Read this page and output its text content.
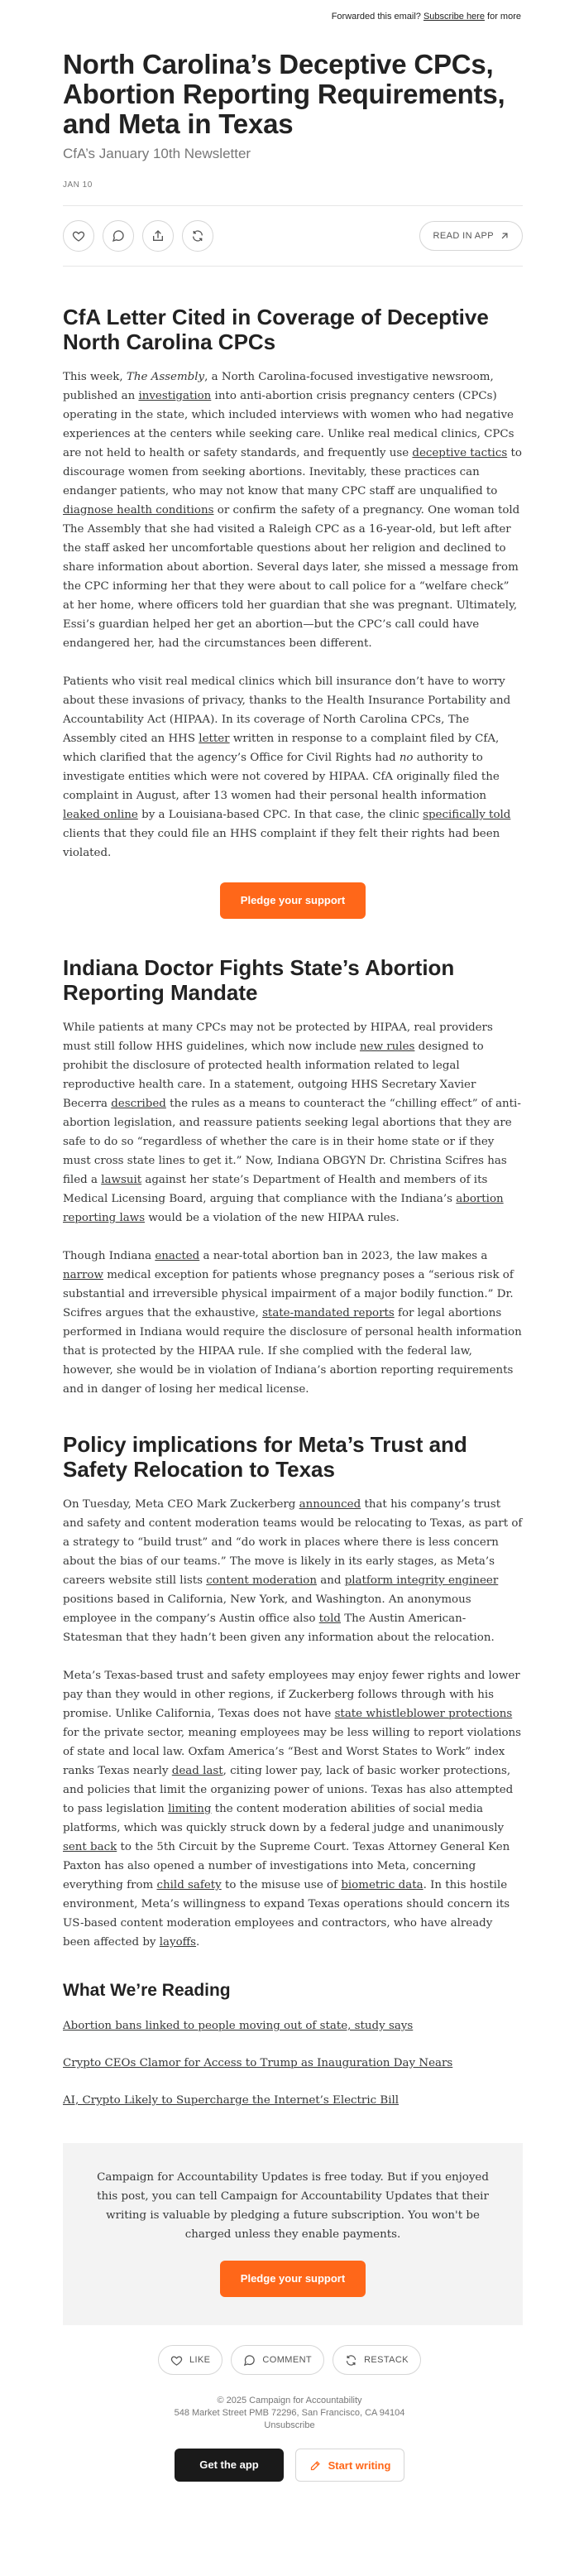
Forwarded this email? Subscribe here for more
North Carolina’s Deceptive CPCs, Abortion Reporting Requirements, and Meta in Texas
CfA’s January 10th Newsletter
JAN 10
READ IN APP
CfA Letter Cited in Coverage of Deceptive North Carolina CPCs

This week, The Assembly, a North Carolina-focused investigative newsroom, published an investigation into anti-abortion crisis pregnancy centers (CPCs) operating in the state, which included interviews with women who had negative experiences at the centers while seeking care. Unlike real medical clinics, CPCs are not held to health or safety standards, and frequently use deceptive tactics to discourage women from seeking abortions. Inevitably, these practices can endanger patients, who may not know that many CPC staff are unqualified to diagnose health conditions or confirm the safety of a pregnancy. One woman told The Assembly that she had visited a Raleigh CPC as a 16-year-old, but left after the staff asked her uncomfortable questions about her religion and declined to share information about abortion. Several days later, she missed a message from the CPC informing her that they were about to call police for a “welfare check” at her home, where officers told her guardian that she was pregnant. Ultimately, Essi’s guardian helped her get an abortion—but the CPC’s call could have endangered her, had the circumstances been different.

Patients who visit real medical clinics which bill insurance don’t have to worry about these invasions of privacy, thanks to the Health Insurance Portability and Accountability Act (HIPAA). In its coverage of North Carolina CPCs, The Assembly cited an HHS letter written in response to a complaint filed by CfA, which clarified that the agency’s Office for Civil Rights had no authority to investigate entities which were not covered by HIPAA. CfA originally filed the complaint in August, after 13 women had their personal health information leaked online by a Louisiana-based CPC. In that case, the clinic specifically told clients that they could file an HHS complaint if they felt their rights had been violated.

Pledge your support
Indiana Doctor Fights State’s Abortion Reporting Mandate

While patients at many CPCs may not be protected by HIPAA, real providers must still follow HHS guidelines, which now include new rules designed to prohibit the disclosure of protected health information related to legal reproductive health care. In a statement, outgoing HHS Secretary Xavier Becerra described the rules as a means to counteract the “chilling effect” of anti-abortion legislation, and reassure patients seeking legal abortions that they are safe to do so “regardless of whether the care is in their home state or if they must cross state lines to get it.” Now, Indiana OBGYN Dr. Christina Scifres has filed a lawsuit against her state’s Department of Health and members of its Medical Licensing Board, arguing that compliance with the Indiana’s abortion reporting laws would be a violation of the new HIPAA rules.

Though Indiana enacted a near-total abortion ban in 2023, the law makes a narrow medical exception for patients whose pregnancy poses a “serious risk of substantial and irreversible physical impairment of a major bodily function.” Dr. Scifres argues that the exhaustive, state-mandated reports for legal abortions performed in Indiana would require the disclosure of personal health information that is protected by the HIPAA rule. If she complied with the federal law, however, she would be in violation of Indiana’s abortion reporting requirements and in danger of losing her medical license.

Policy implications for Meta’s Trust and Safety Relocation to Texas

On Tuesday, Meta CEO Mark Zuckerberg announced that his company’s trust and safety and content moderation teams would be relocating to Texas, as part of a strategy to “build trust” and “do work in places where there is less concern about the bias of our teams.” The move is likely in its early stages, as Meta’s careers website still lists content moderation and platform integrity engineer positions based in California, New York, and Washington. An anonymous employee in the company’s Austin office also told The Austin American-Statesman that they hadn’t been given any information about the relocation.

Meta’s Texas-based trust and safety employees may enjoy fewer rights and lower pay than they would in other regions, if Zuckerberg follows through with his promise. Unlike California, Texas does not have state whistleblower protections for the private sector, meaning employees may be less willing to report violations of state and local law. Oxfam America’s “Best and Worst States to Work” index ranks Texas nearly dead last, citing lower pay, lack of basic worker protections, and policies that limit the organizing power of unions. Texas has also attempted to pass legislation limiting the content moderation abilities of social media platforms, which was quickly struck down by a federal judge and unanimously sent back to the 5th Circuit by the Supreme Court. Texas Attorney General Ken Paxton has also opened a number of investigations into Meta, concerning everything from child safety to the misuse use of biometric data. In this hostile environment, Meta’s willingness to expand Texas operations should concern its US-based content moderation employees and contractors, who have already been affected by layoffs.

What We’re Reading
Abortion bans linked to people moving out of state, study says
Crypto CEOs Clamor for Access to Trump as Inauguration Day Nears
AI, Crypto Likely to Supercharge the Internet’s Electric Bill

Campaign for Accountability Updates is free today. But if you enjoyed this post, you can tell Campaign for Accountability Updates that their writing is valuable by pledging a future subscription. You won't be charged unless they enable payments.

Pledge your support
LIKE	COMMENT	RESTACK
© 2025 Campaign for Accountability
548 Market Street PMB 72296, San Francisco, CA 94104
Unsubscribe
Get the app	Start writing
